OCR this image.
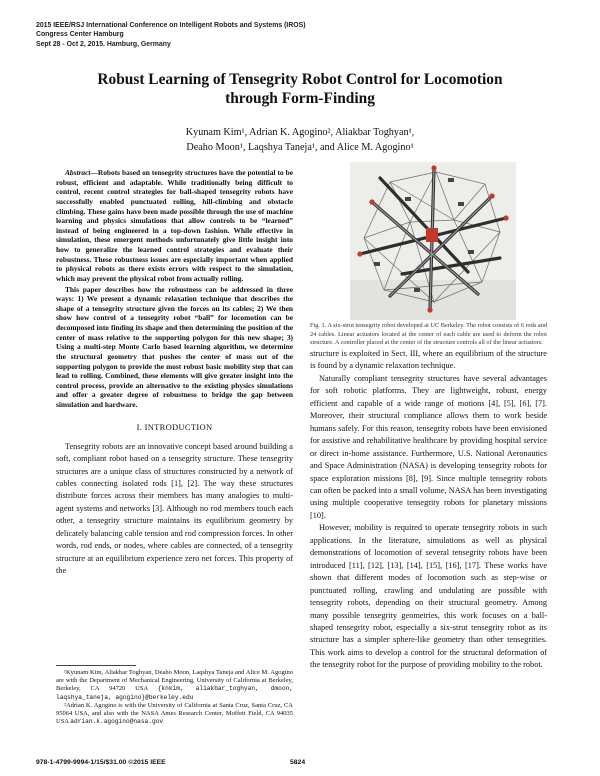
2015 IEEE/RSJ International Conference on Intelligent Robots and Systems (IROS)
Congress Center Hamburg
Sept 28 - Oct 2, 2015. Hamburg, Germany
Robust Learning of Tensegrity Robot Control for Locomotion
through Form-Finding
Kyunam Kim¹, Adrian K. Agogino², Aliakbar Toghyan¹,
Deaho Moon¹, Laqshya Taneja¹, and Alice M. Agogino¹

Abstract—Robots based on tensegrity structures have the potential to be robust, efficient and adaptable. While traditionally being difficult to control, recent control strategies for ball-shaped tensegrity robots have successfully enabled punctuated rolling, hill-climbing and obstacle climbing. These gains have been made possible through the use of machine learning and physics simulations that allow controls to be “learned” instead of being engineered in a top-down fashion. While effective in simulation, these emergent methods unfortunately give little insight into how to generalize the learned control strategies and evaluate their robustness. These robustness issues are especially important when applied to physical robots as there exists errors with respect to the simulation, which may prevent the physical robot from actually rolling.

This paper describes how the robustness can be addressed in three ways: 1) We present a dynamic relaxation technique that describes the shape of a tensegrity structure given the forces on its cables; 2) We then show how control of a tensegrity robot “ball” for locomotion can be decomposed into finding its shape and then determining the position of the center of mass relative to the supporting polygon for this new shape; 3) Using a multi-step Monte Carlo based learning algorithm, we determine the structural geometry that pushes the center of mass out of the supporting polygon to provide the most robust basic mobility step that can lead to rolling. Combined, these elements will give greater insight into the control process, provide an alternative to the existing physics simulations and offer a greater degree of robustness to bridge the gap between simulation and hardware.

I. INTRODUCTION

Tensegrity robots are an innovative concept based around building a soft, compliant robot based on a tensegrity structure. These tensegrity structures are a unique class of structures constructed by a network of cables connecting isolated rods [1], [2]. The way these structures distribute forces across their members has many analogies to multi-agent systems and networks [3]. Although no rod members touch each other, a tensegrity structure maintains its equilibrium geometry by delicately balancing cable tension and rod compression forces. In other words, rod ends, or nodes, where cables are connected, of a tensegrity structure at an equilibrium experience zero net forces. This property of the

Fig. 1. A six-strut tensegrity robot developed at UC Berkeley. The robot consists of 6 rods and 24 cables. Linear actuators located at the center of each cable are used to deform the robot structure. A controller placed at the center of the structure controls all of the linear actuators.

structure is exploited in Sect. III, where an equilibrium of the structure is found by a dynamic relaxation technique.

Naturally compliant tensegrity structures have several advantages for soft robotic platforms. They are lightweight, robust, energy efficient and capable of a wide range of motions [4], [5], [6], [7]. Moreover, their structural compliance allows them to work beside humans safely. For this reason, tensegrity robots have been envisioned for assistive and rehabilitative healthcare by providing hospital service or direct in-home assistance. Furthermore, U.S. National Aeronautics and Space Administration (NASA) is developing tensegrity robots for space exploration missions [8], [9]. Since multiple tensegrity robots can often be packed into a small volume, NASA has been investigating using multiple cooperative tensegrity robots for planetary missions [10].

However, mobility is required to operate tensegrity robots in such applications. In the literature, simulations as well as physical demonstrations of locomotion of several tensegrity robots have been introduced [11], [12], [13], [14], [15], [16], [17]. These works have shown that different modes of locomotion such as step-wise or punctuated rolling, crawling and undulating are possible with tensegrity robots, depending on their structural geometry. Among many possible tensegrity geometries, this work focuses on a ball-shaped tensegrity robot, especially a six-strut tensegrity robot as its structure has a simpler sphere-like geometry than other tensegrities. This work aims to develop a control for the structural deformation of the tensegrity robot for the purpose of providing mobility to the robot.

¹Kyunam Kim, Aliakbar Toghyan, Deaho Moon, Laqshya Taneja and Alice M. Agogino are with the Department of Mechanical Engineering, University of California at Berkeley, Berkeley, CA 94720 USA {knkim, aliakbar_toghyan, dmoon, laqshya_taneja, agogino}@berkeley.edu

²Adrian K. Agogino is with the University of California at Santa Cruz, Santa Cruz, CA 95064 USA, and also with the NASA Ames Research Center, Moffett Field, CA 94035 USA adrian.k.agogino@nasa.gov

978-1-4799-9994-1/15/$31.00 ©2015 IEEE	5824
